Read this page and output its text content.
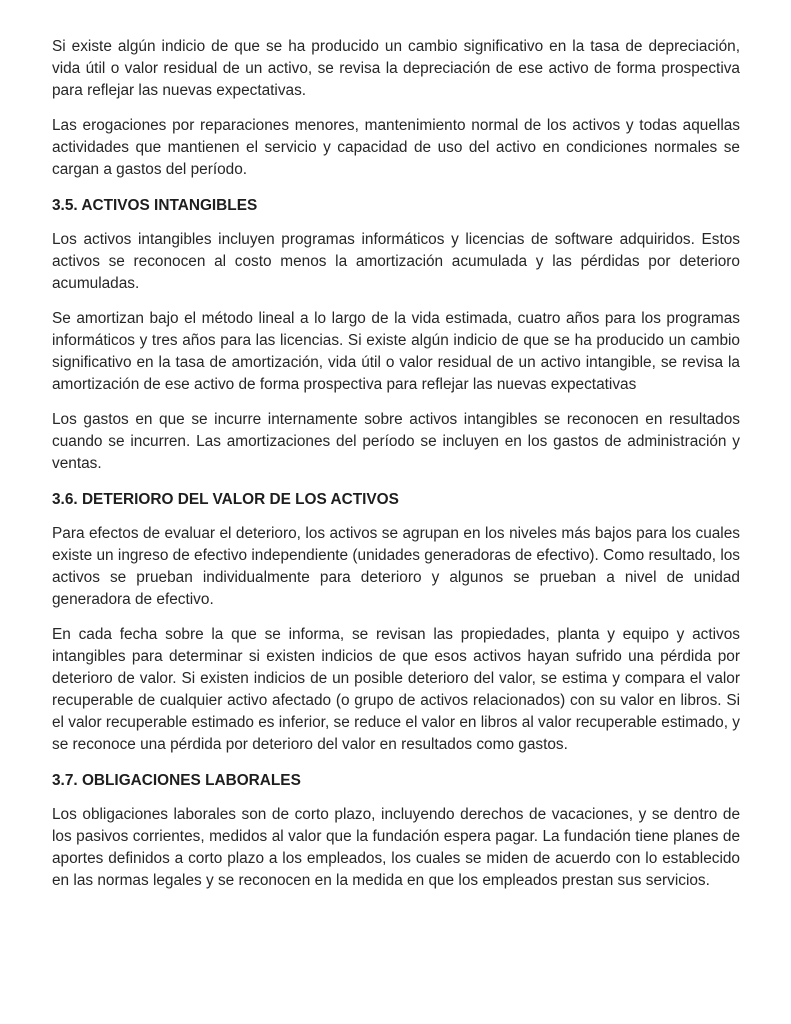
Si existe algún indicio de que se ha producido un cambio significativo en la tasa de depreciación, vida útil o valor residual de un activo, se revisa la depreciación de ese activo de forma prospectiva para reflejar las nuevas expectativas.

Las erogaciones por reparaciones menores, mantenimiento normal de los activos y todas aquellas actividades que mantienen el servicio y capacidad de uso del activo en condiciones normales se cargan a gastos del período.

3.5. ACTIVOS INTANGIBLES

Los activos intangibles incluyen programas informáticos y licencias de software adquiridos. Estos activos se reconocen al costo menos la amortización acumulada y las pérdidas por deterioro acumuladas.

Se amortizan bajo el método lineal a lo largo de la vida estimada, cuatro años para los programas informáticos y tres años para las licencias. Si existe algún indicio de que se ha producido un cambio significativo en la tasa de amortización, vida útil o valor residual de un activo intangible, se revisa la amortización de ese activo de forma prospectiva para reflejar las nuevas expectativas

Los gastos en que se incurre internamente sobre activos intangibles se reconocen en resultados cuando se incurren. Las amortizaciones del período se incluyen en los gastos de administración y ventas.

3.6. DETERIORO DEL VALOR DE LOS ACTIVOS

Para efectos de evaluar el deterioro, los activos se agrupan en los niveles más bajos para los cuales existe un ingreso de efectivo independiente (unidades generadoras de efectivo). Como resultado, los activos se prueban individualmente para deterioro y algunos se prueban a nivel de unidad generadora de efectivo.

En cada fecha sobre la que se informa, se revisan las propiedades, planta y equipo y activos intangibles para determinar si existen indicios de que esos activos hayan sufrido una pérdida por deterioro de valor. Si existen indicios de un posible deterioro del valor, se estima y compara el valor recuperable de cualquier activo afectado (o grupo de activos relacionados) con su valor en libros. Si el valor recuperable estimado es inferior, se reduce el valor en libros al valor recuperable estimado, y se reconoce una pérdida por deterioro del valor en resultados como gastos.

3.7. OBLIGACIONES LABORALES

Los obligaciones laborales son de corto plazo, incluyendo derechos de vacaciones, y se dentro de los pasivos corrientes, medidos al valor que la fundación espera pagar. La fundación tiene planes de aportes definidos a corto plazo a los empleados, los cuales se miden de acuerdo con lo establecido en las normas legales y se reconocen en la medida en que los empleados prestan sus servicios.
